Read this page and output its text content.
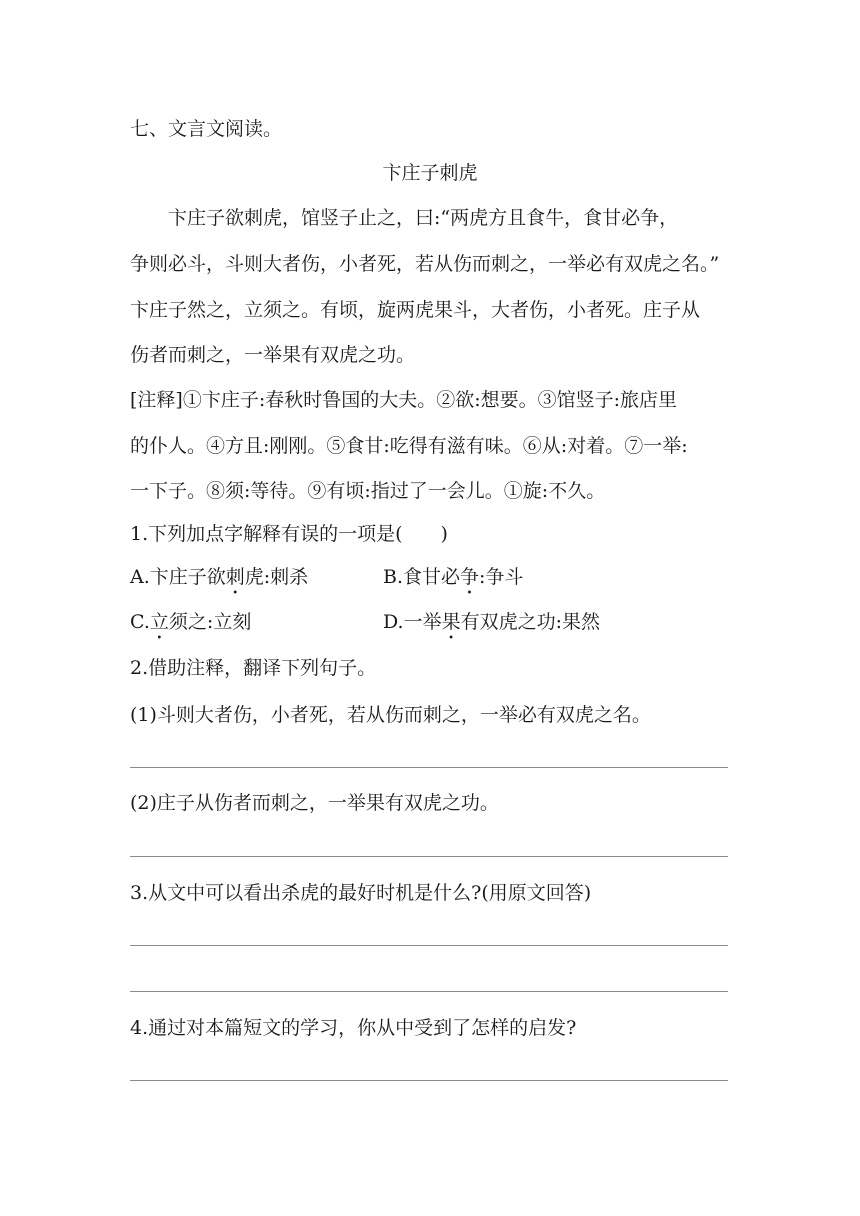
七、文言文阅读。
卞庄子刺虎
卞庄子欲刺虎，馆竖子止之，曰:“两虎方且食牛，食甘必争，
争则必斗，斗则大者伤，小者死，若从伤而刺之，一举必有双虎之名。”
卞庄子然之，立须之。有顷，旋两虎果斗，大者伤，小者死。庄子从
伤者而刺之，一举果有双虎之功。
[注释]①卞庄子:春秋时鲁国的大夫。②欲:想要。③馆竖子:旅店里
的仆人。④方且:刚刚。⑤食甘:吃得有滋有味。⑥从:对着。⑦一举:
一下子。⑧须:等待。⑨有顷:指过了一会儿。①旋:不久。
1.下列加点字解释有误的一项是(　　)
A.卞庄子欲刺虎:刺杀	B.食甘必争:争斗
C.立须之:立刻	D.一举果有双虎之功:果然
2.借助注释，翻译下列句子。
(1)斗则大者伤，小者死，若从伤而刺之，一举必有双虎之名。
(2)庄子从伤者而刺之，一举果有双虎之功。
3.从文中可以看出杀虎的最好时机是什么?(用原文回答)
4.通过对本篇短文的学习，你从中受到了怎样的启发?
